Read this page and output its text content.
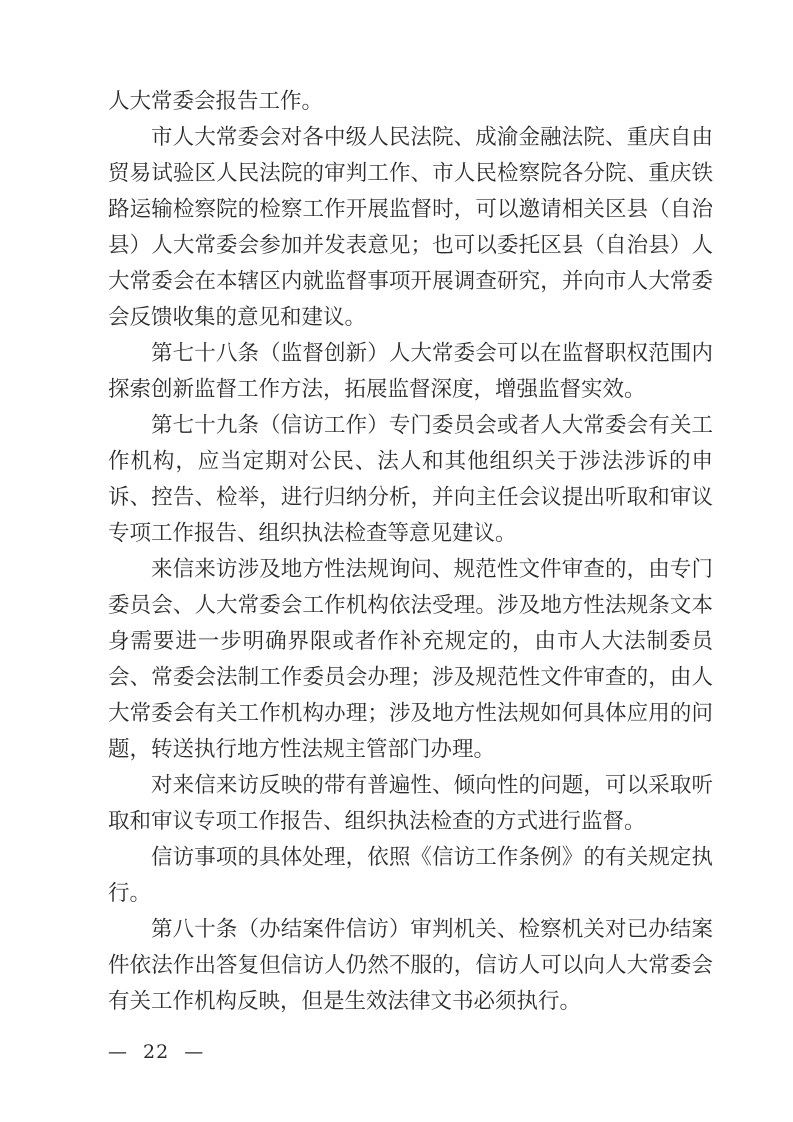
人大常委会报告工作。

市人大常委会对各中级人民法院、成渝金融法院、重庆自由贸易试验区人民法院的审判工作、市人民检察院各分院、重庆铁路运输检察院的检察工作开展监督时，可以邀请相关区县（自治县）人大常委会参加并发表意见；也可以委托区县（自治县）人大常委会在本辖区内就监督事项开展调查研究，并向市人大常委会反馈收集的意见和建议。

第七十八条（监督创新）人大常委会可以在监督职权范围内探索创新监督工作方法，拓展监督深度，增强监督实效。

第七十九条（信访工作）专门委员会或者人大常委会有关工作机构，应当定期对公民、法人和其他组织关于涉法涉诉的申诉、控告、检举，进行归纳分析，并向主任会议提出听取和审议专项工作报告、组织执法检查等意见建议。

来信来访涉及地方性法规询问、规范性文件审查的，由专门委员会、人大常委会工作机构依法受理。涉及地方性法规条文本身需要进一步明确界限或者作补充规定的，由市人大法制委员会、常委会法制工作委员会办理；涉及规范性文件审查的，由人大常委会有关工作机构办理；涉及地方性法规如何具体应用的问题，转送执行地方性法规主管部门办理。

对来信来访反映的带有普遍性、倾向性的问题，可以采取听取和审议专项工作报告、组织执法检查的方式进行监督。

信访事项的具体处理，依照《信访工作条例》的有关规定执行。

第八十条（办结案件信访）审判机关、检察机关对已办结案件依法作出答复但信访人仍然不服的，信访人可以向人大常委会有关工作机构反映，但是生效法律文书必须执行。

— 22 —
